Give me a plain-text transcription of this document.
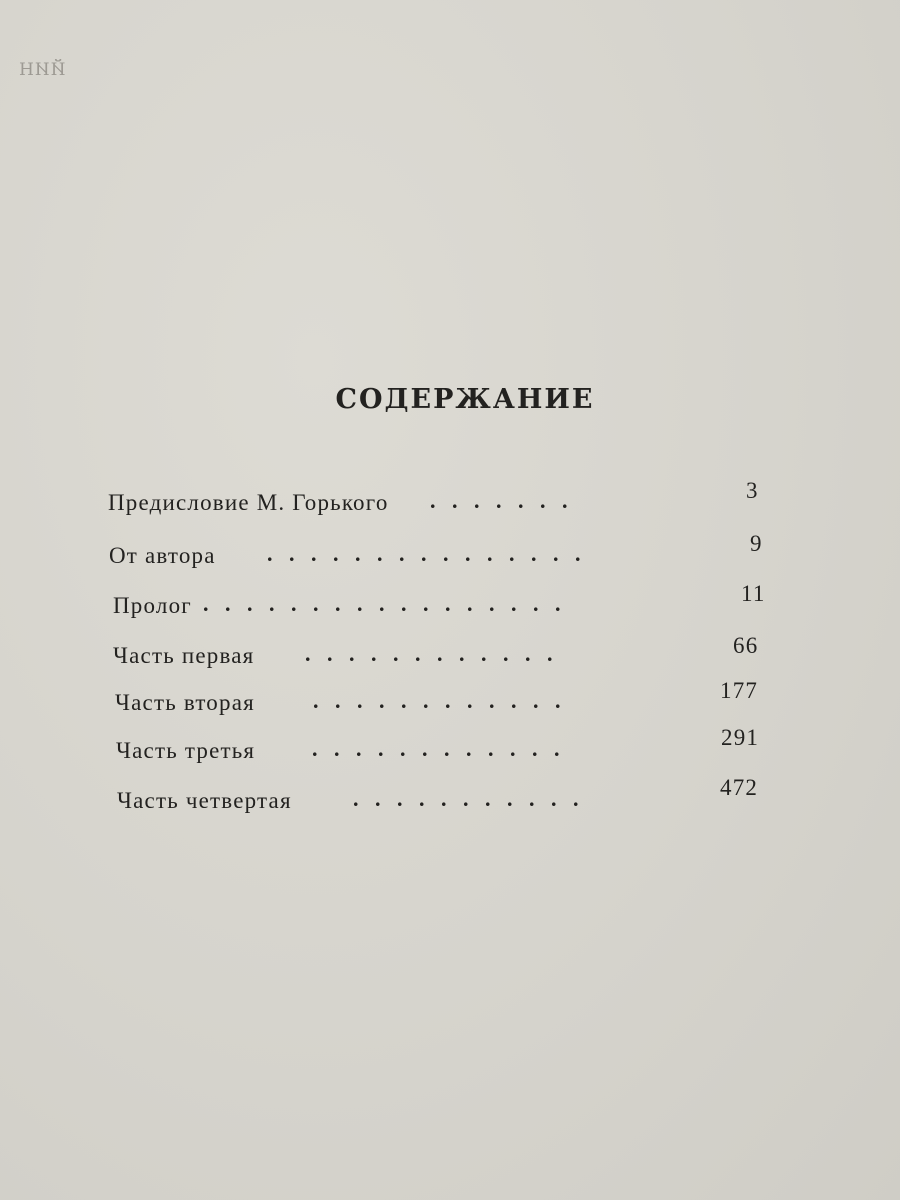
ЙИН
СОДЕРЖАНИЕ
Предисловие М. Горького .   .   .   .   .   .   .	3
От автора .   .   .   .   .   .   .   .   .   .   .   .   .   .   .	9
Пролог .   .   .   .   .   .   .   .   .   .   .   .   .   .   .   .   .	11
Часть первая .   .   .   .   .   .   .   .   .   .   .   .	66
Часть вторая	.   .   .   .   .   .   .   .   .   .   .   .	177
Часть третья	.   .   .   .   .   .   .   .   .   .   .   .	291
Часть четвертая	.   .   .   .   .   .   .   .   .   .   .	472
